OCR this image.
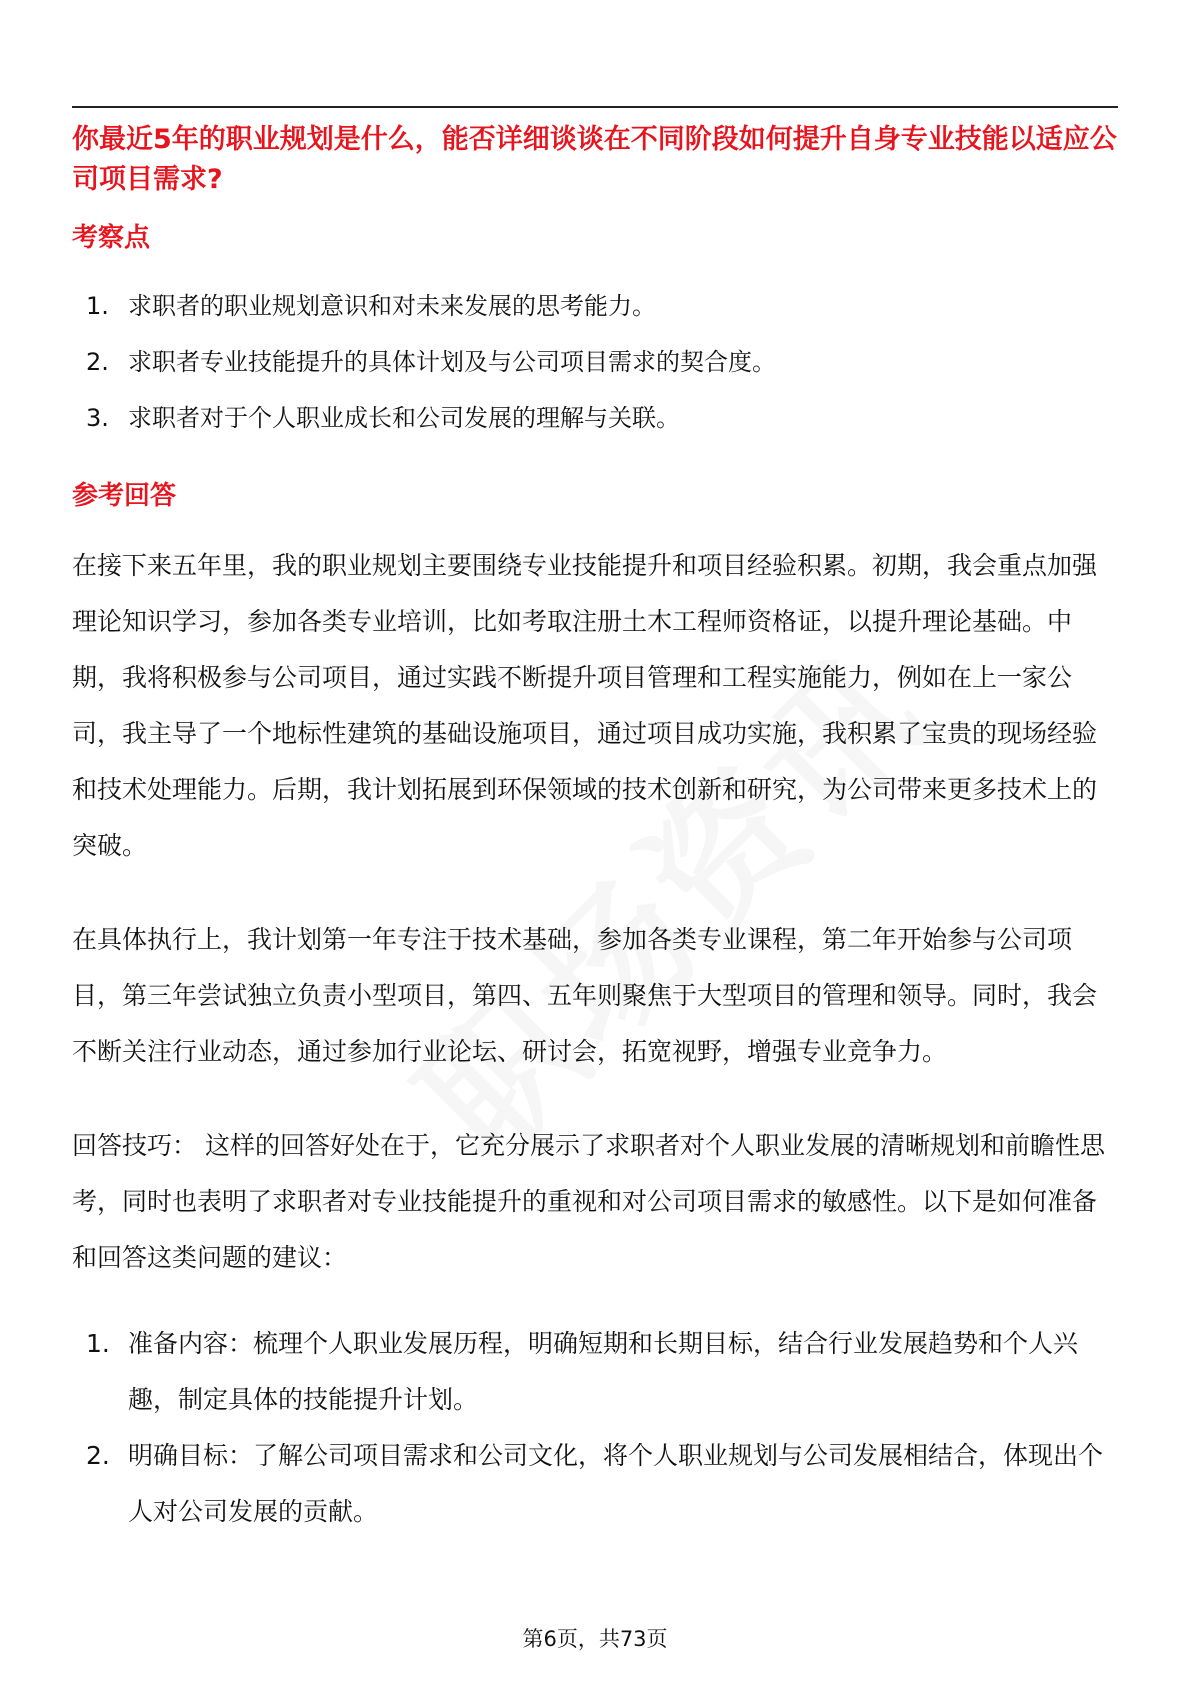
你最近5年的职业规划是什么，能否详细谈谈在不同阶段如何提升自身专业技能以适应公司项目需求?

考察点
1. 求职者的职业规划意识和对未来发展的思考能力。
2. 求职者专业技能提升的具体计划及与公司项目需求的契合度。
3. 求职者对于个人职业成长和公司发展的理解与关联。
参考回答

在接下来五年里，我的职业规划主要围绕专业技能提升和项目经验积累。初期，我会重点加强理论知识学习，参加各类专业培训，比如考取注册土木工程师资格证，以提升理论基础。中期，我将积极参与公司项目，通过实践不断提升项目管理和工程实施能力，例如在上一家公司，我主导了一个地标性建筑的基础设施项目，通过项目成功实施，我积累了宝贵的现场经验和技术处理能力。后期，我计划拓展到环保领域的技术创新和研究，为公司带来更多技术上的突破。

在具体执行上，我计划第一年专注于技术基础，参加各类专业课程，第二年开始参与公司项目，第三年尝试独立负责小型项目，第四、五年则聚焦于大型项目的管理和领导。同时，我会不断关注行业动态，通过参加行业论坛、研讨会，拓宽视野，增强专业竞争力。

回答技巧： 这样的回答好处在于，它充分展示了求职者对个人职业发展的清晰规划和前瞻性思考，同时也表明了求职者对专业技能提升的重视和对公司项目需求的敏感性。以下是如何准备和回答这类问题的建议：

1. 准备内容：梳理个人职业发展历程，明确短期和长期目标，结合行业发展趋势和个人兴趣，制定具体的技能提升计划。
2. 明确目标：了解公司项目需求和公司文化，将个人职业规划与公司发展相结合，体现出个人对公司发展的贡献。
第6页，共73页
